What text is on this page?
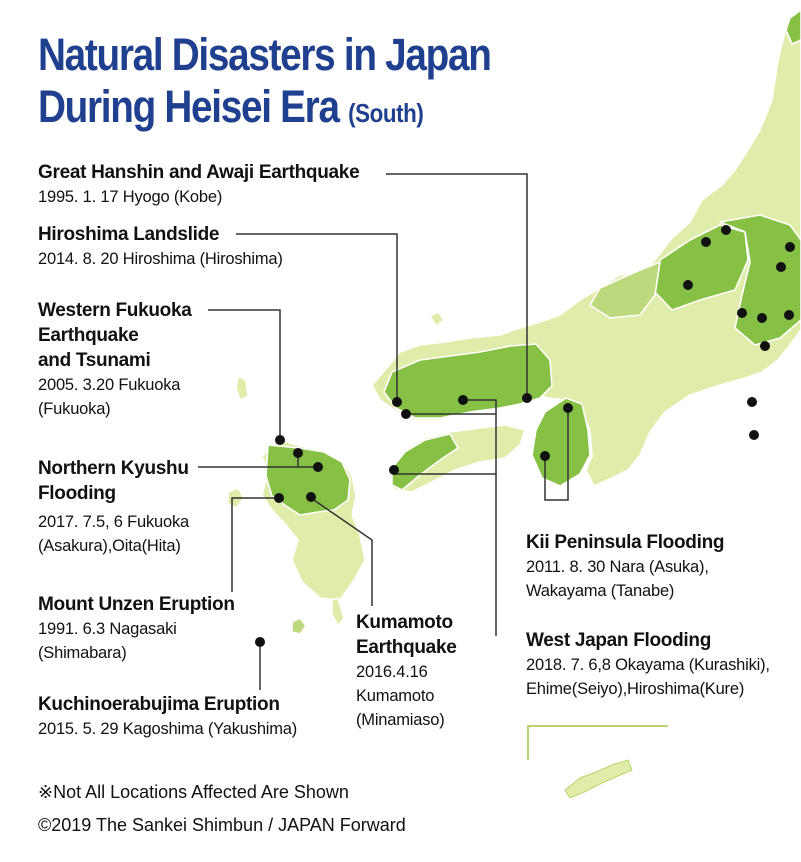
Natural Disasters in Japan
During Heisei Era (South)
Great Hanshin and Awaji Earthquake
1995. 1. 17 Hyogo (Kobe)
Hiroshima Landslide
2014. 8. 20 Hiroshima (Hiroshima)
Western Fukuoka
Earthquake
and Tsunami
2005. 3.20 Fukuoka
(Fukuoka)
Northern Kyushu
Flooding
2017. 7.5, 6 Fukuoka
(Asakura),Oita(Hita)
Mount Unzen Eruption
1991. 6.3 Nagasaki
(Shimabara)
Kuchinoerabujima Eruption
2015. 5. 29 Kagoshima (Yakushima)
Kumamoto
Earthquake
2016.4.16
Kumamoto
(Minamiaso)
Kii Peninsula Flooding
2011. 8. 30 Nara (Asuka),
Wakayama (Tanabe)
West Japan Flooding
2018. 7. 6,8 Okayama (Kurashiki),
Ehime(Seiyo),Hiroshima(Kure)
※Not All Locations Affected Are Shown
©2019 The Sankei Shimbun / JAPAN Forward
